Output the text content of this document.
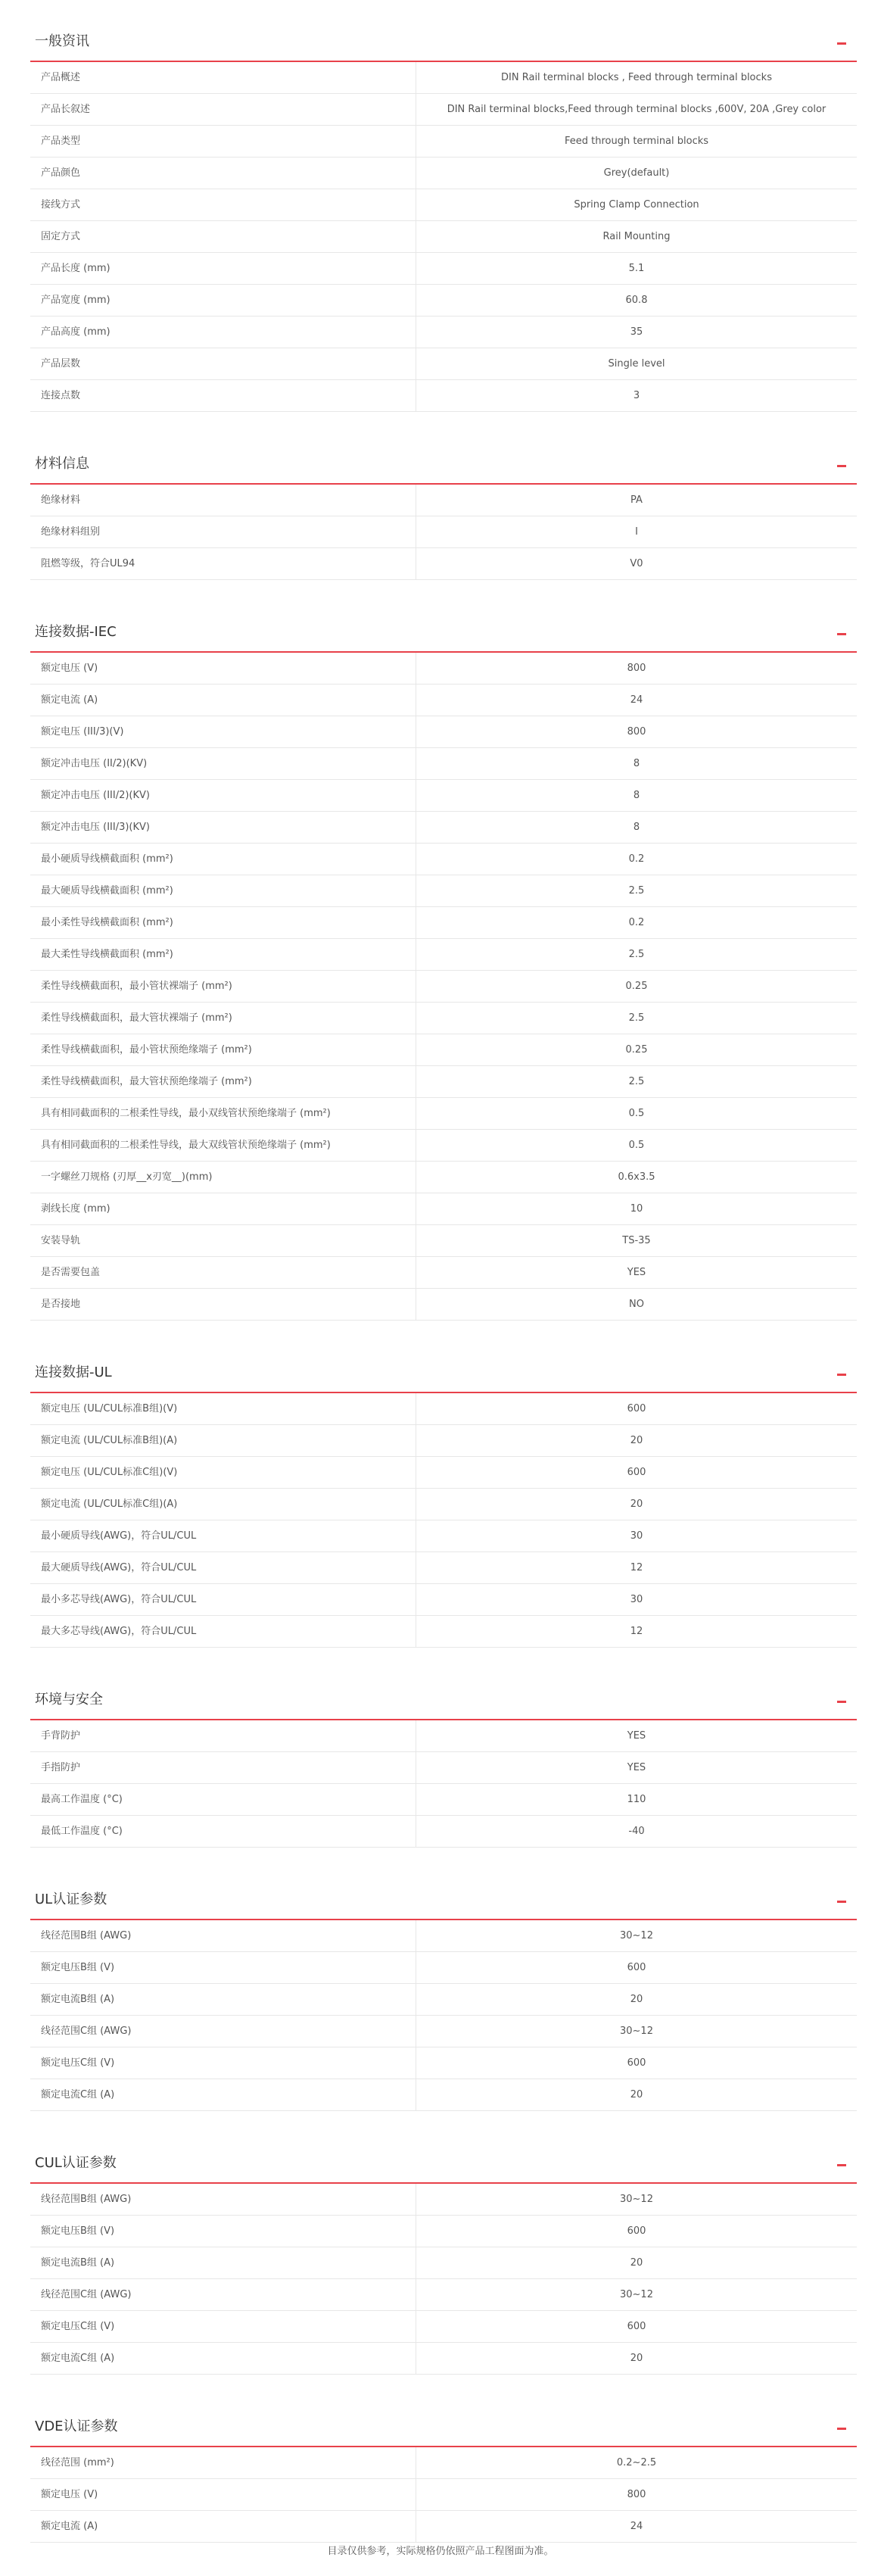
一般资讯
产品概述	DIN Rail terminal blocks , Feed through terminal blocks
产品长叙述	DIN Rail terminal blocks,Feed through terminal blocks ,600V, 20A ,Grey color
产品类型	Feed through terminal blocks
产品颜色	Grey(default)
接线方式	Spring Clamp Connection
固定方式	Rail Mounting
产品长度 (mm)	5.1
产品宽度 (mm)	60.8
产品高度 (mm)	35
产品层数	Single level
连接点数	3
材料信息
绝缘材料	PA
绝缘材料组别	I
阻燃等级，符合UL94	V0
连接数据-IEC
额定电压 (V)	800
额定电流 (A)	24
额定电压 (III/3)(V)	800
额定冲击电压 (II/2)(KV)	8
额定冲击电压 (III/2)(KV)	8
额定冲击电压 (III/3)(KV)	8
最小硬质导线横截面积 (mm²)	0.2
最大硬质导线横截面积 (mm²)	2.5
最小柔性导线横截面积 (mm²)	0.2
最大柔性导线横截面积 (mm²)	2.5
柔性导线横截面积，最小管状裸端子 (mm²)	0.25
柔性导线横截面积，最大管状裸端子 (mm²)	2.5
柔性导线横截面积，最小管状预绝缘端子 (mm²)	0.25
柔性导线横截面积，最大管状预绝缘端子 (mm²)	2.5
具有相同截面积的二根柔性导线，最小双线管状预绝缘端子 (mm²)	0.5
具有相同截面积的二根柔性导线，最大双线管状预绝缘端子 (mm²)	0.5
一字螺丝刀规格 (刃厚__x刃宽__)(mm)	0.6x3.5
剥线长度 (mm)	10
安装导轨	TS-35
是否需要包盖	YES
是否接地	NO
连接数据-UL
额定电压 (UL/CUL标准B组)(V)	600
额定电流 (UL/CUL标准B组)(A)	20
额定电压 (UL/CUL标准C组)(V)	600
额定电流 (UL/CUL标准C组)(A)	20
最小硬质导线(AWG)，符合UL/CUL	30
最大硬质导线(AWG)，符合UL/CUL	12
最小多芯导线(AWG)，符合UL/CUL	30
最大多芯导线(AWG)，符合UL/CUL	12
环境与安全
手背防护	YES
手指防护	YES
最高工作温度 (°C)	110
最低工作温度 (°C)	-40
UL认证参数
线径范围B组 (AWG)	30~12
额定电压B组 (V)	600
额定电流B组 (A)	20
线径范围C组 (AWG)	30~12
额定电压C组 (V)	600
额定电流C组 (A)	20
CUL认证参数
线径范围B组 (AWG)	30~12
额定电压B组 (V)	600
额定电流B组 (A)	20
线径范围C组 (AWG)	30~12
额定电压C组 (V)	600
额定电流C组 (A)	20
VDE认证参数
线径范围 (mm²)	0.2~2.5
额定电压 (V)	800
额定电流 (A)	24
目录仅供参考，实际规格仍依照产品工程图面为准。
